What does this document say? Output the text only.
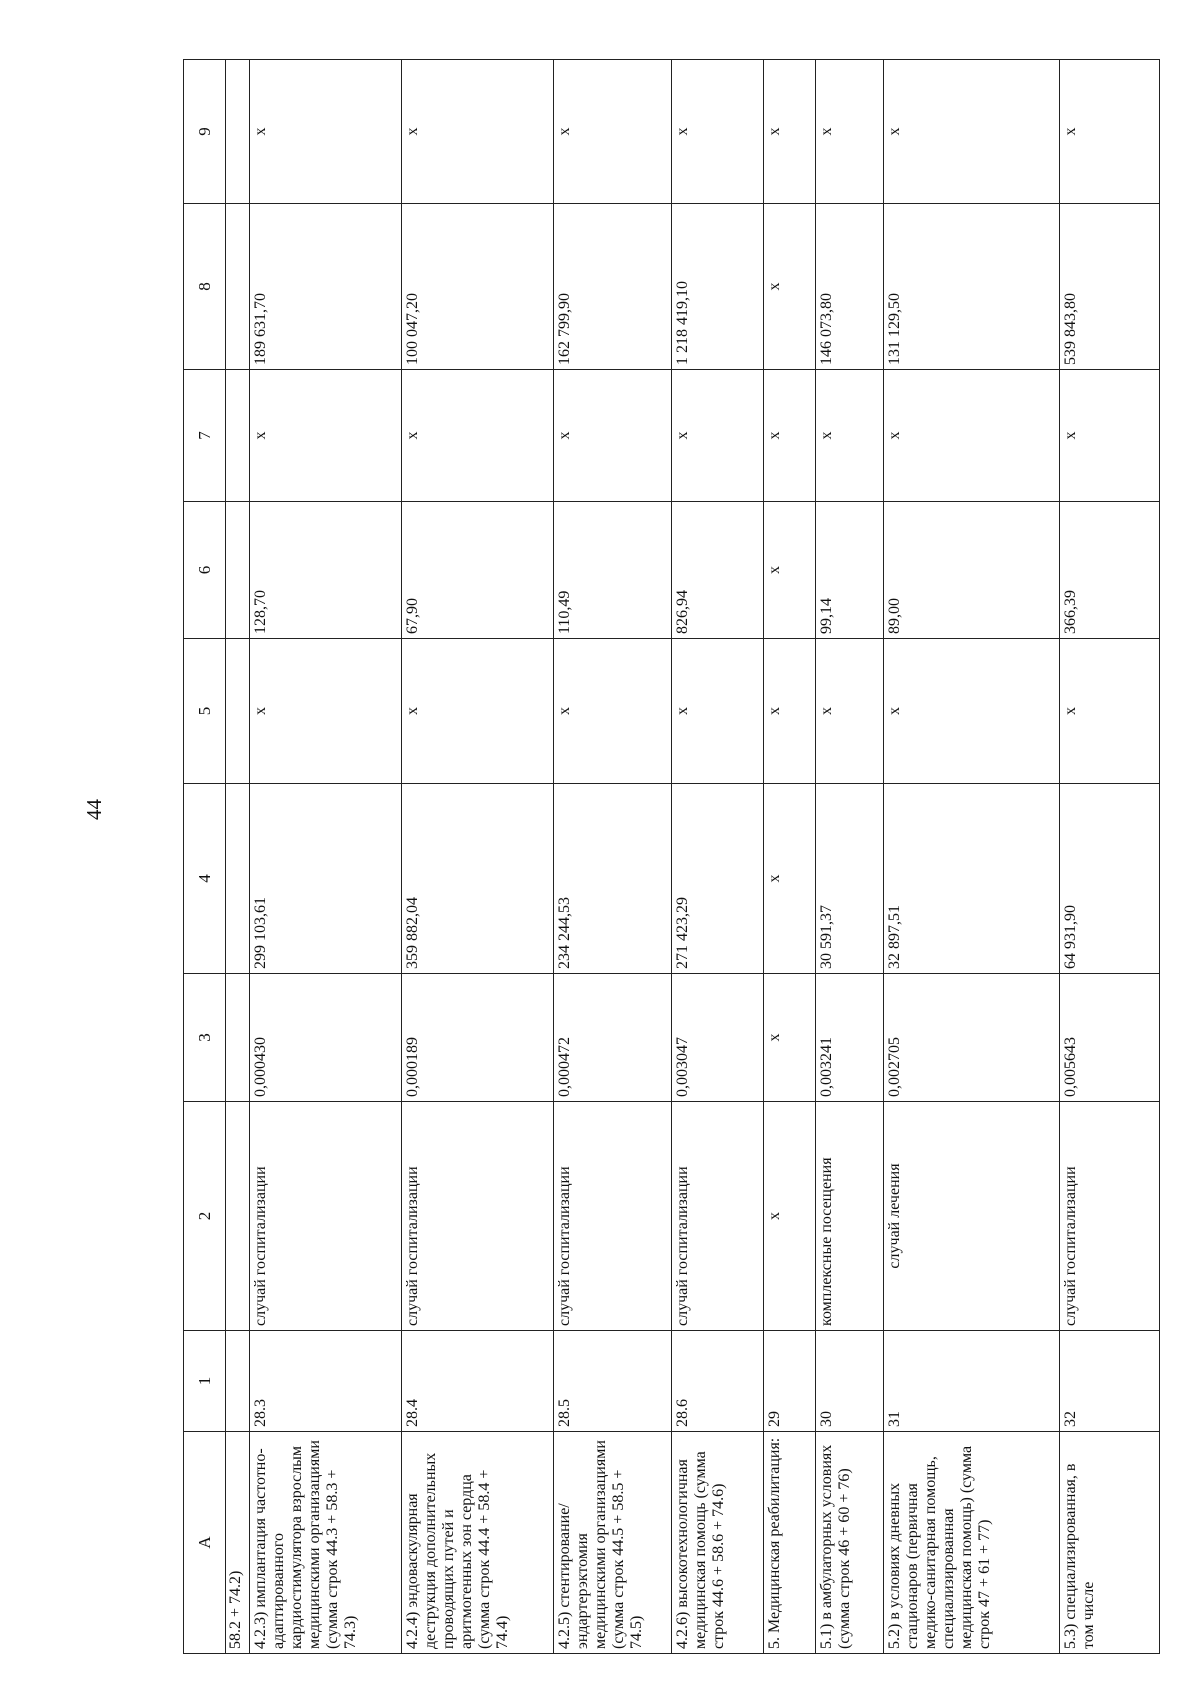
44
A	1	2	3	4	5	6	7	8	9
58.2 + 74.2)									
4.2.3) имплантация частотно-адаптированного кардиостимулятора взрослым медицинскими организациями (сумма строк 44.3 + 58.3 + 74.3)	28.3	случай госпитализации	0,000430	299 103,61	х	128,70	х	189 631,70	х
4.2.4) эндоваскулярная деструкция дополнительных проводящих путей и аритмогенных зон сердца (сумма строк 44.4 + 58.4 + 74.4)	28.4	случай госпитализации	0,000189	359 882,04	х	67,90	х	100 047,20	х
4.2.5) стентирование/эндартерэктомия медицинскими организациями (сумма строк 44.5 + 58.5 + 74.5)	28.5	случай госпитализации	0,000472	234 244,53	х	110,49	х	162 799,90	х
4.2.6) высокотехнологичная медицинская помощь (сумма строк 44.6 + 58.6 + 74.6)	28.6	случай госпитализации	0,003047	271 423,29	х	826,94	х	1 218 419,10	х
5. Медицинская реабилитация:	29	х	х	х	х	х	х	х	х
5.1) в амбулаторных условиях (сумма строк 46 + 60 + 76)	30	комплексные посещения	0,003241	30 591,37	х	99,14	х	146 073,80	х
5.2) в условиях дневных стационаров (первичная медико-санитарная помощь, специализированная медицинская помощь) (сумма строк 47 + 61 + 77)	31	случай лечения	0,002705	32 897,51	х	89,00	х	131 129,50	х
5.3) специализированная, в том числе	32	случай госпитализации	0,005643	64 931,90	х	366,39	х	539 843,80	х
